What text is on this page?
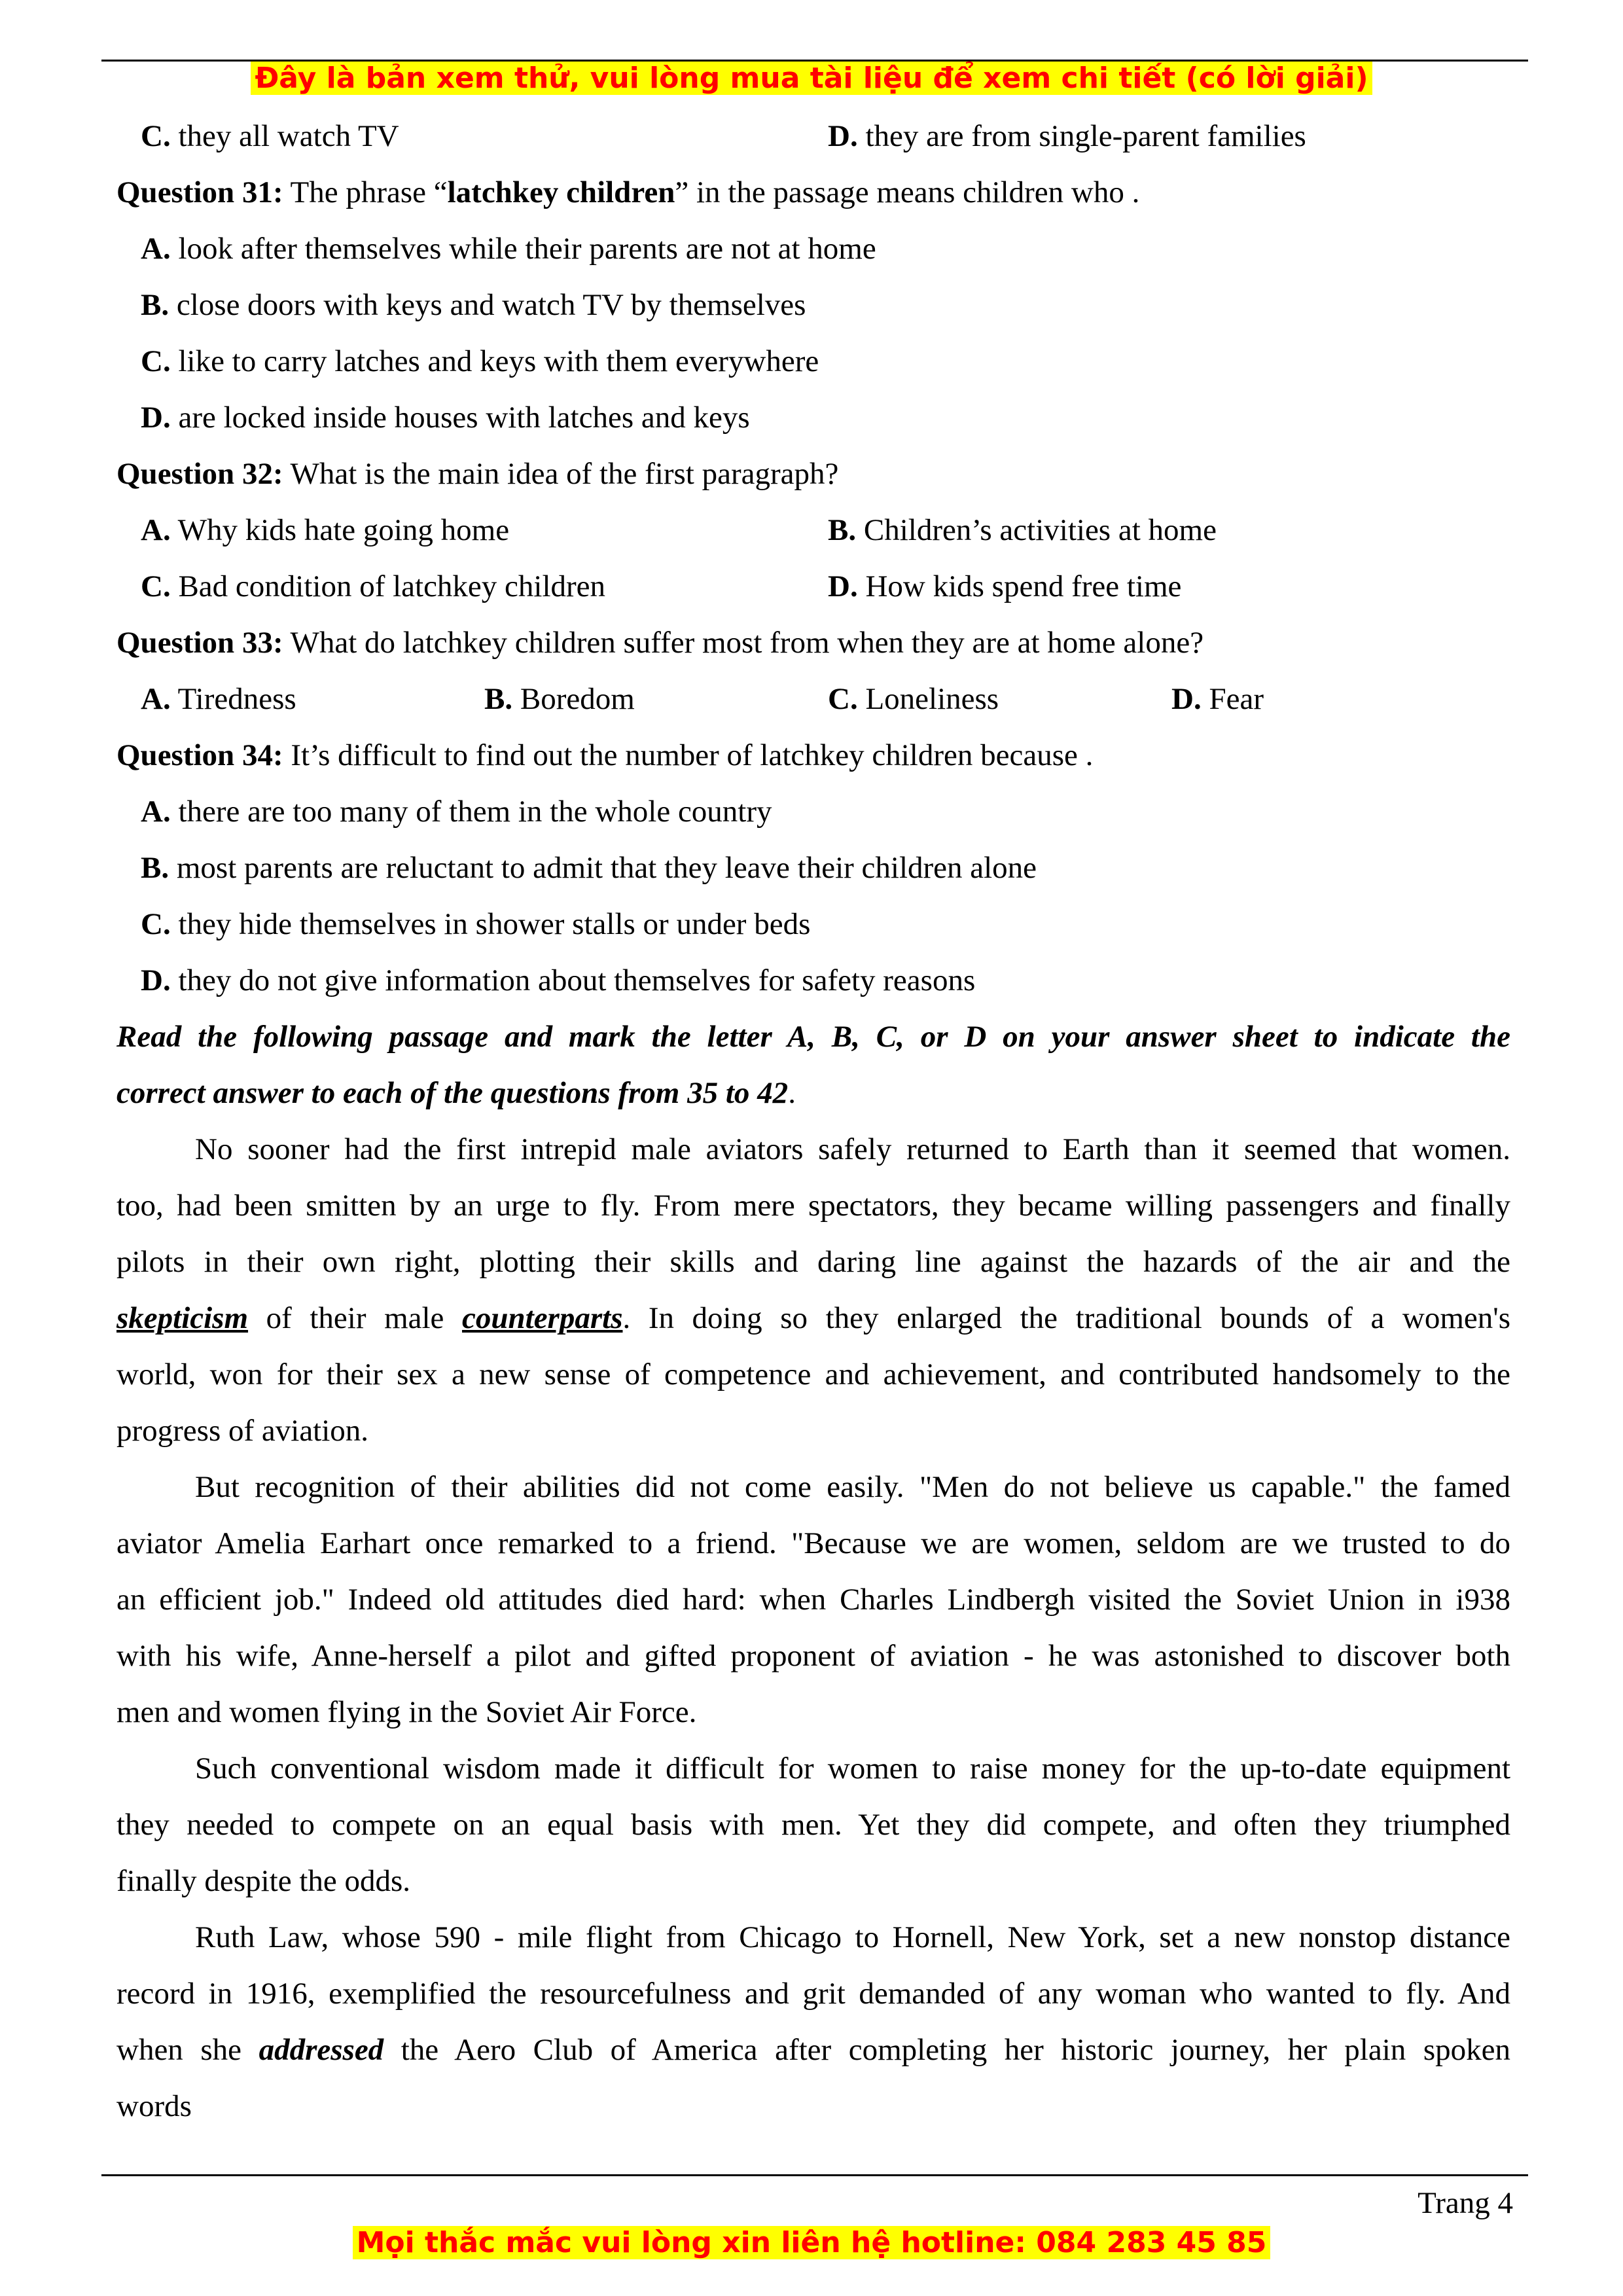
Đây là bản xem thử, vui lòng mua tài liệu để xem chi tiết (có lời giải)
C. they all watch TV	D. they are from single-parent families
Question 31: The phrase “latchkey children” in the passage means children who .
A. look after themselves while their parents are not at home
B. close doors with keys and watch TV by themselves
C. like to carry latches and keys with them everywhere
D. are locked inside houses with latches and keys
Question 32: What is the main idea of the first paragraph?
A. Why kids hate going home	B. Children’s activities at home
C. Bad condition of latchkey children	D. How kids spend free time
Question 33: What do latchkey children suffer most from when they are at home alone?
A. Tiredness	B. Boredom	C. Loneliness	D. Fear
Question 34: It’s difficult to find out the number of latchkey children because .
A. there are too many of them in the whole country
B. most parents are reluctant to admit that they leave their children alone
C. they hide themselves in shower stalls or under beds
D. they do not give information about themselves for safety reasons
Read the following passage and mark the letter A, B, C, or D on your answer sheet to indicate the
correct answer to each of the questions from 35 to 42.
No sooner had the first intrepid male aviators safely returned to Earth than it seemed that women.
too, had been smitten by an urge to fly. From mere spectators, they became willing passengers and finally
pilots in their own right, plotting their skills and daring line against the hazards of the air and the
skepticism of their male counterparts. In doing so they enlarged the traditional bounds of a women's
world, won for their sex a new sense of competence and achievement, and contributed handsomely to the
progress of aviation.
But recognition of their abilities did not come easily. "Men do not believe us capable." the famed
aviator Amelia Earhart once remarked to a friend. "Because we are women, seldom are we trusted to do
an efficient job." Indeed old attitudes died hard: when Charles Lindbergh visited the Soviet Union in i938
with his wife, Anne-herself a pilot and gifted proponent of aviation - he was astonished to discover both
men and women flying in the Soviet Air Force.
Such conventional wisdom made it difficult for women to raise money for the up-to-date equipment
they needed to compete on an equal basis with men. Yet they did compete, and often they triumphed
finally despite the odds.
Ruth Law, whose 590 - mile flight from Chicago to Hornell, New York, set a new nonstop distance
record in 1916, exemplified the resourcefulness and grit demanded of any woman who wanted to fly. And
when she addressed the Aero Club of America after completing her historic journey, her plain spoken
words
Trang 4
Mọi thắc mắc vui lòng xin liên hệ hotline: 084 283 45 85
